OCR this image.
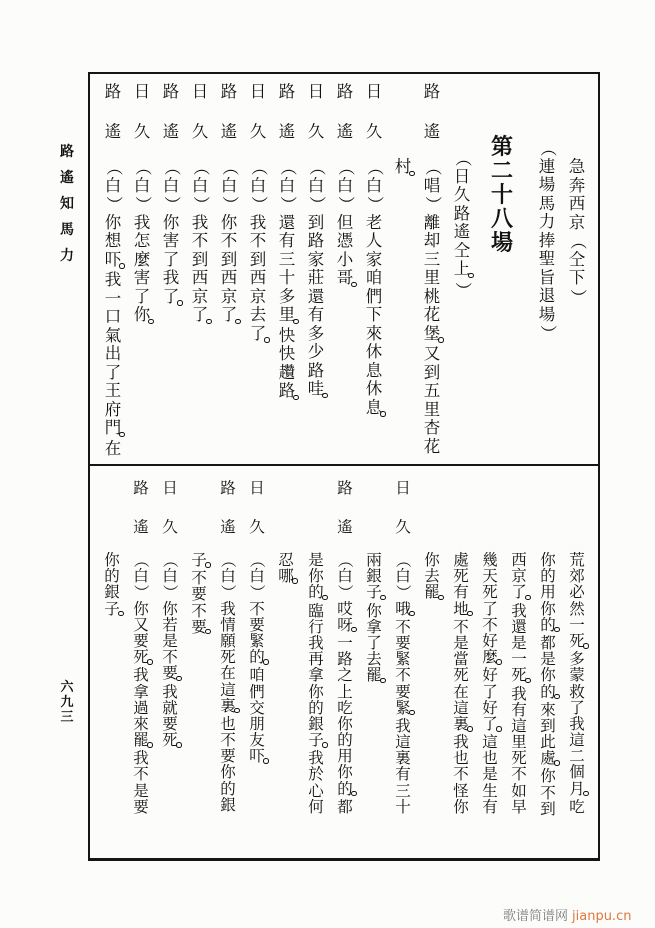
路
遙
知
馬
力
六
九
三
急
奔
西
京
（
仝
下
）
（
連
場
馬
力
捧
聖
旨
退
場
）
第
二
十
八
場
（
日
久
路
遙
仝
上
）
路
遙
（
唱
）
離
却
三
里
桃
花
堡
又
到
五
里
杏
花
村
日
久
（
白
）
老
人
家
咱
們
下
來
休
息
休
息
路
遙
（
白
）
但
憑
小
哥
日
久
（
白
）
到
路
家
莊
還
有
多
少
路
哇
路
遙
（
白
）
還
有
三
十
多
里
快
快
趲
路
日
久
（
白
）
我
不
到
西
京
去
了
路
遙
（
白
）
你
不
到
西
京
了
日
久
（
白
）
我
不
到
西
京
了
路
遙
（
白
）
你
害
了
我
了
日
久
（
白
）
我
怎
麼
害
了
你
路
遙
（
白
）
你
想
吓
我
一
口
氣
出
了
王
府
門
在
荒
郊
必
然
一
死
多
蒙
救
了
我
這
二
個
月
吃
你
的
用
你
的
都
是
你
的
來
到
此
處
你
不
到
西
京
了
我
還
是
一
死
我
有
這
里
死
不
如
早
幾
天
死
了
不
好
麼
好
了
好
了
這
也
是
生
有
處
死
有
地
不
是
當
死
在
這
裏
我
也
不
怪
你
你
去
罷
日
久
（
白
）
哦
不
要
緊
不
要
緊
我
這
裏
有
三
十
兩
銀
子
你
拿
了
去
罷
路
遙
（
白
）
哎
呀
一
路
之
上
吃
你
的
用
你
的
都
是
你
的
臨
行
我
再
拿
你
的
銀
子
我
於
心
何
忍
哪
日
久
（
白
）
不
要
緊
的
咱
們
交
朋
友
吓
路
遙
（
白
）
我
情
願
死
在
這
裏
也
不
要
你
的
銀
子
不
要
不
要
日
久
（
白
）
你
若
是
不
要
我
就
要
死
路
遙
（
白
）
你
又
要
死
我
拿
過
來
罷
我
不
是
要
你
的
銀
子
歌谱简谱网 jianpu.cn
